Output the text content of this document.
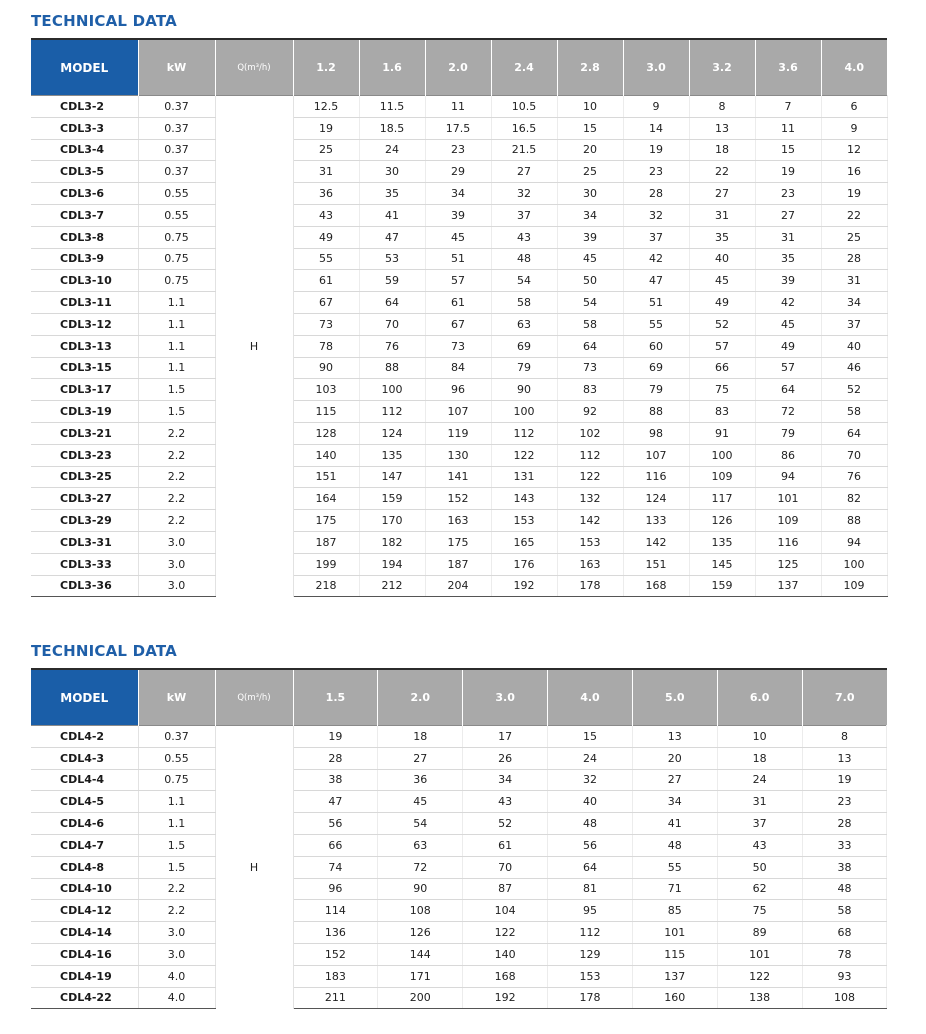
TECHNICAL DATA
MODEL	kW	Q(m³/h)	1.2	1.6	2.0	2.4	2.8	3.0	3.2	3.6	4.0
CDL3-2	0.37	H	12.5	11.5	11	10.5	10	9	8	7	6
CDL3-3	0.37		19	18.5	17.5	16.5	15	14	13	11	9
CDL3-4	0.37		25	24	23	21.5	20	19	18	15	12
CDL3-5	0.37		31	30	29	27	25	23	22	19	16
CDL3-6	0.55		36	35	34	32	30	28	27	23	19
CDL3-7	0.55		43	41	39	37	34	32	31	27	22
CDL3-8	0.75		49	47	45	43	39	37	35	31	25
CDL3-9	0.75		55	53	51	48	45	42	40	35	28
CDL3-10	0.75		61	59	57	54	50	47	45	39	31
CDL3-11	1.1		67	64	61	58	54	51	49	42	34
CDL3-12	1.1		73	70	67	63	58	55	52	45	37
CDL3-13	1.1		78	76	73	69	64	60	57	49	40
CDL3-15	1.1		90	88	84	79	73	69	66	57	46
CDL3-17	1.5		103	100	96	90	83	79	75	64	52
CDL3-19	1.5		115	112	107	100	92	88	83	72	58
CDL3-21	2.2		128	124	119	112	102	98	91	79	64
CDL3-23	2.2		140	135	130	122	112	107	100	86	70
CDL3-25	2.2		151	147	141	131	122	116	109	94	76
CDL3-27	2.2		164	159	152	143	132	124	117	101	82
CDL3-29	2.2		175	170	163	153	142	133	126	109	88
CDL3-31	3.0		187	182	175	165	153	142	135	116	94
CDL3-33	3.0		199	194	187	176	163	151	145	125	100
CDL3-36	3.0		218	212	204	192	178	168	159	137	109
TECHNICAL DATA
MODEL	kW	Q(m³/h)	1.5	2.0	3.0	4.0	5.0	6.0	7.0
CDL4-2	0.37	H	19	18	17	15	13	10	8
CDL4-3	0.55		28	27	26	24	20	18	13
CDL4-4	0.75		38	36	34	32	27	24	19
CDL4-5	1.1		47	45	43	40	34	31	23
CDL4-6	1.1		56	54	52	48	41	37	28
CDL4-7	1.5		66	63	61	56	48	43	33
CDL4-8	1.5		74	72	70	64	55	50	38
CDL4-10	2.2		96	90	87	81	71	62	48
CDL4-12	2.2		114	108	104	95	85	75	58
CDL4-14	3.0		136	126	122	112	101	89	68
CDL4-16	3.0		152	144	140	129	115	101	78
CDL4-19	4.0		183	171	168	153	137	122	93
CDL4-22	4.0		211	200	192	178	160	138	108
